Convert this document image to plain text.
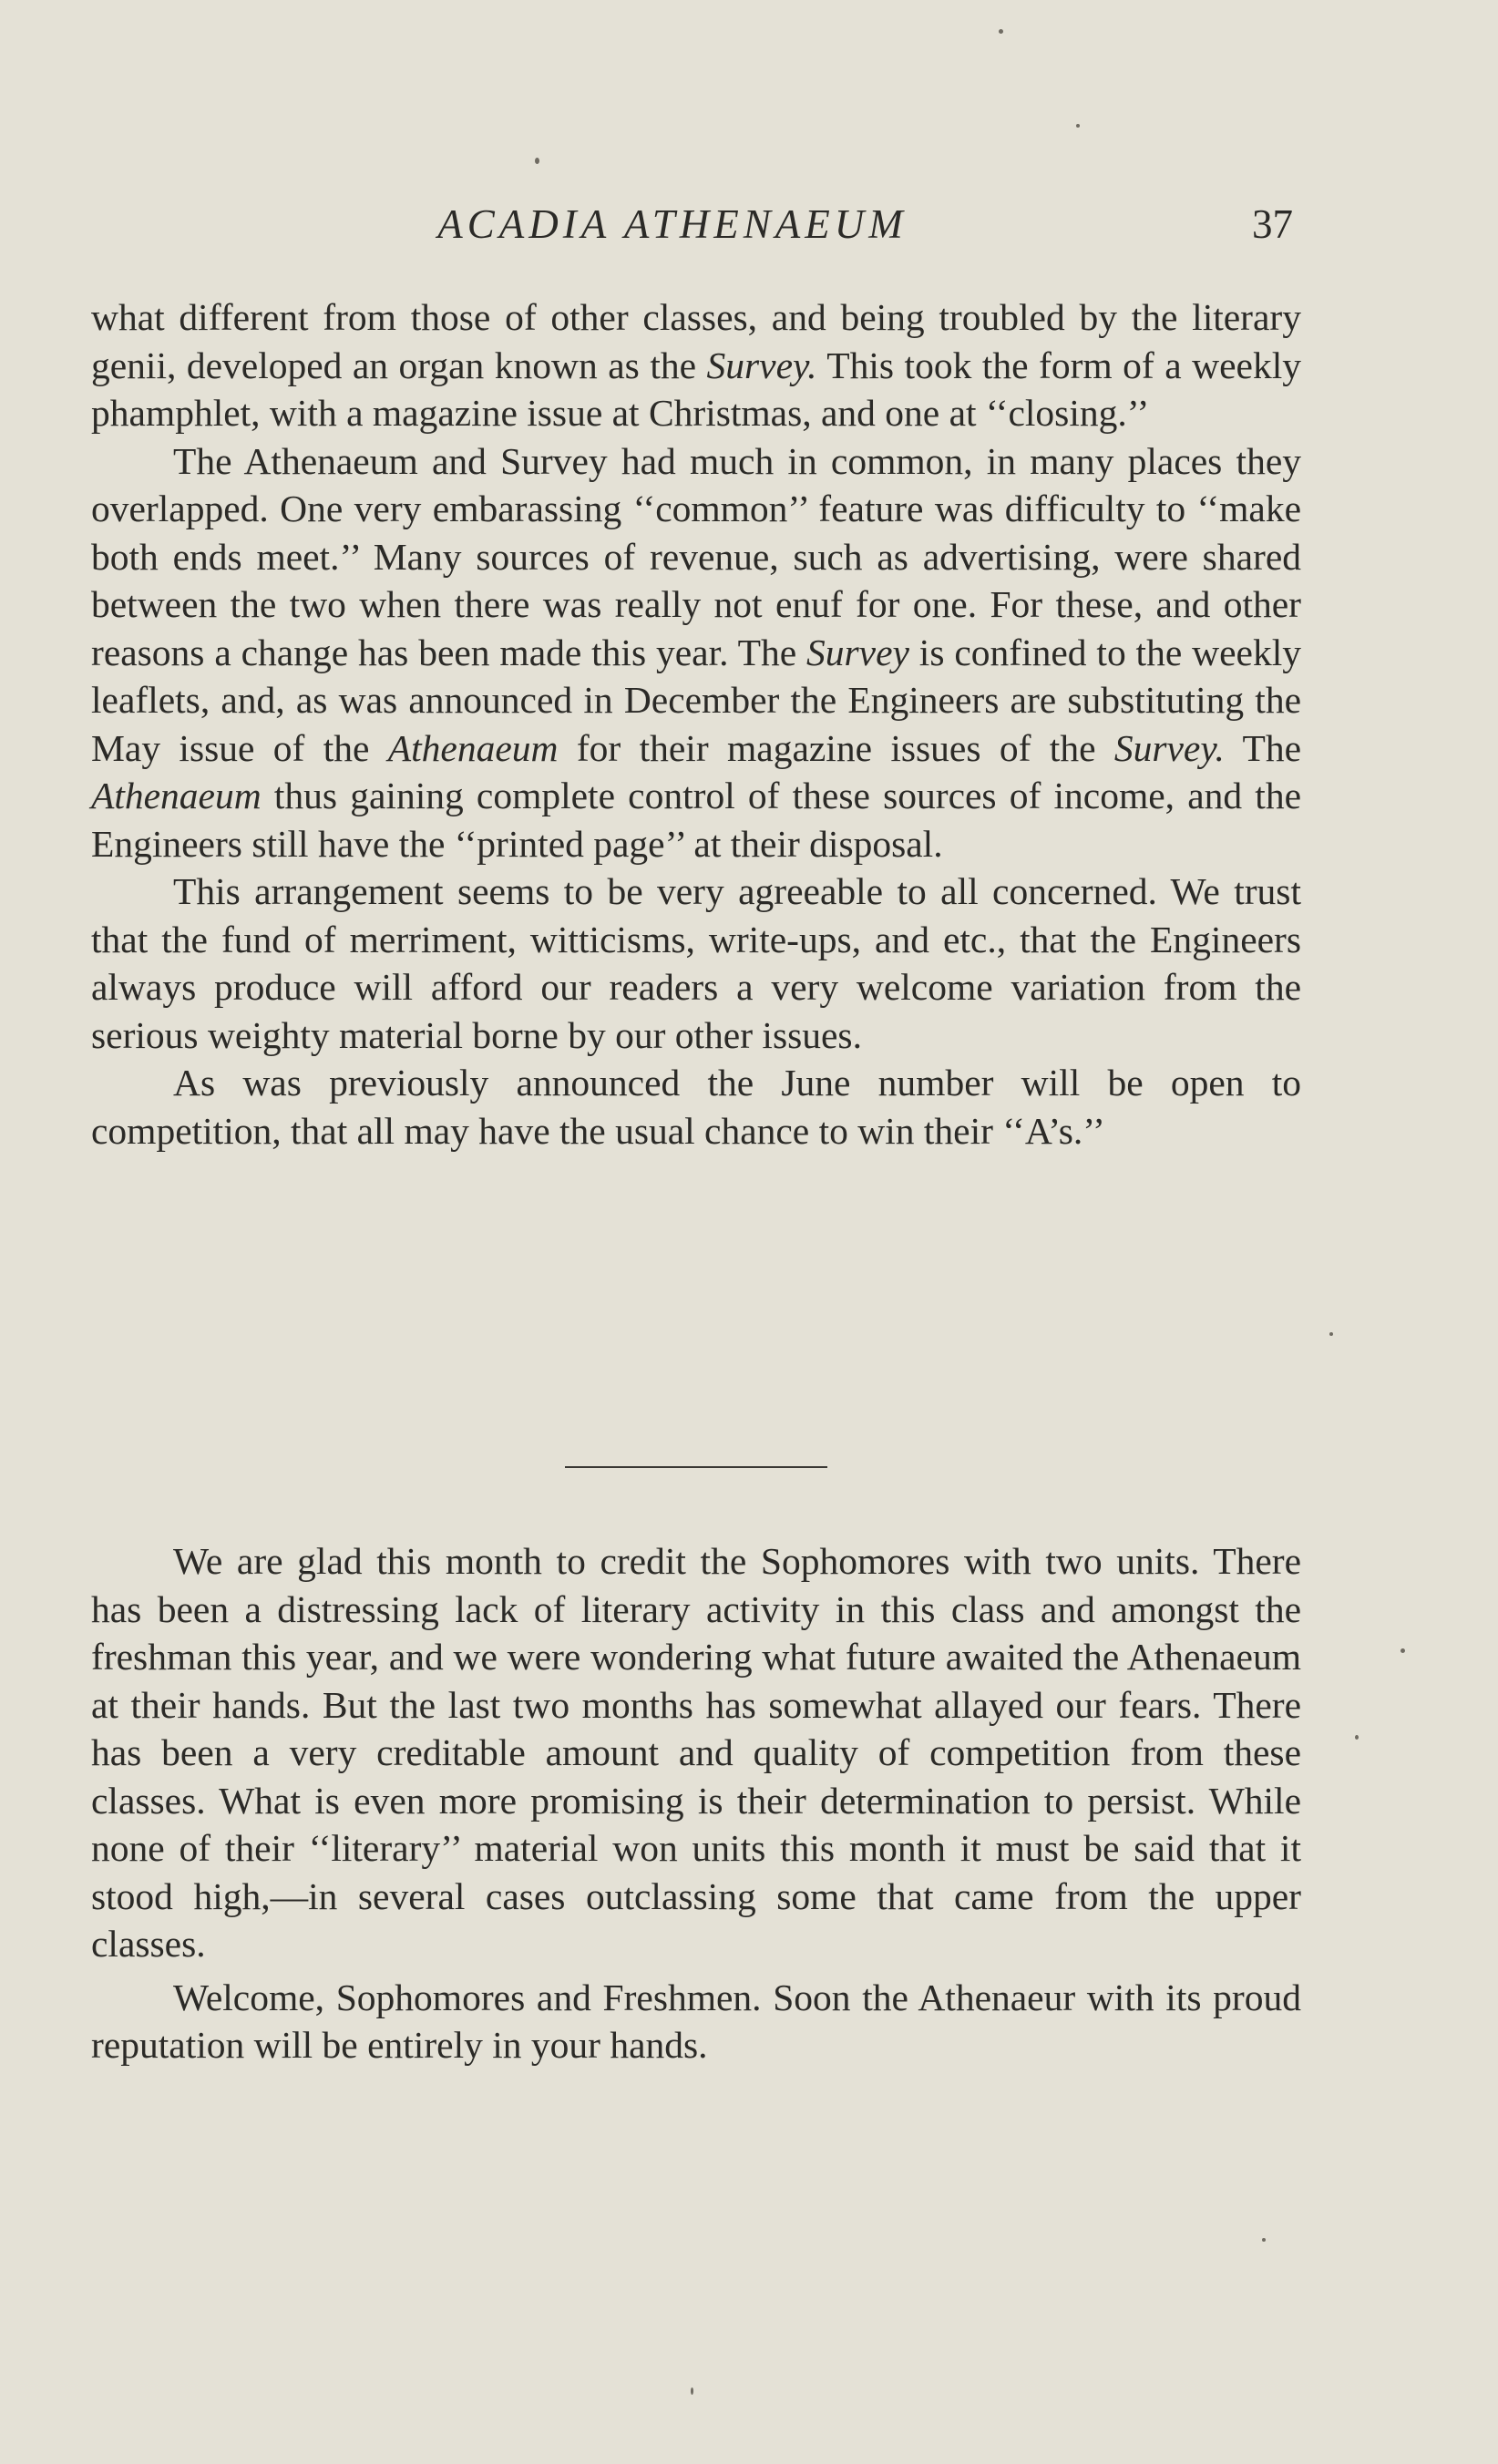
ACADIA ATHENAEUM	37

what different from those of other classes, and being troubled by the literary genii, developed an organ known as the Survey. This took the form of a weekly phamphlet, with a magazine issue at Christmas, and one at ‘‘closing.’’

The Athenaeum and Survey had much in common, in many places they overlapped. One very embarassing ‘‘common’’ feature was difficulty to ‘‘make both ends meet.’’ Many sources of revenue, such as advertising, were shared between the two when there was really not enuf for one. For these, and other reasons a change has been made this year. The Survey is confined to the weekly leaflets, and, as was announced in December the Engineers are substituting the May issue of the Athenaeum for their magazine issues of the Survey. The Athenaeum thus gaining complete control of these sources of income, and the Engineers still have the ‘‘printed page’’ at their disposal.

This arrangement seems to be very agreeable to all concerned. We trust that the fund of merriment, witticisms, write-ups, and etc., that the Engineers always produce will afford our readers a very welcome variation from the serious weighty material borne by our other issues.

As was previously announced the June number will be open to competition, that all may have the usual chance to win their ‘‘A’s.’’

We are glad this month to credit the Sophomores with two units. There has been a distressing lack of literary activity in this class and amongst the freshman this year, and we were wondering what future awaited the Athenaeum at their hands. But the last two months has somewhat allayed our fears. There has been a very creditable amount and quality of competition from these classes. What is even more promising is their determination to persist. While none of their ‘‘literary’’ material won units this month it must be said that it stood high,—in several cases outclassing some that came from the upper classes.

Welcome, Sophomores and Freshmen. Soon the Athenaeur with its proud reputation will be entirely in your hands.
